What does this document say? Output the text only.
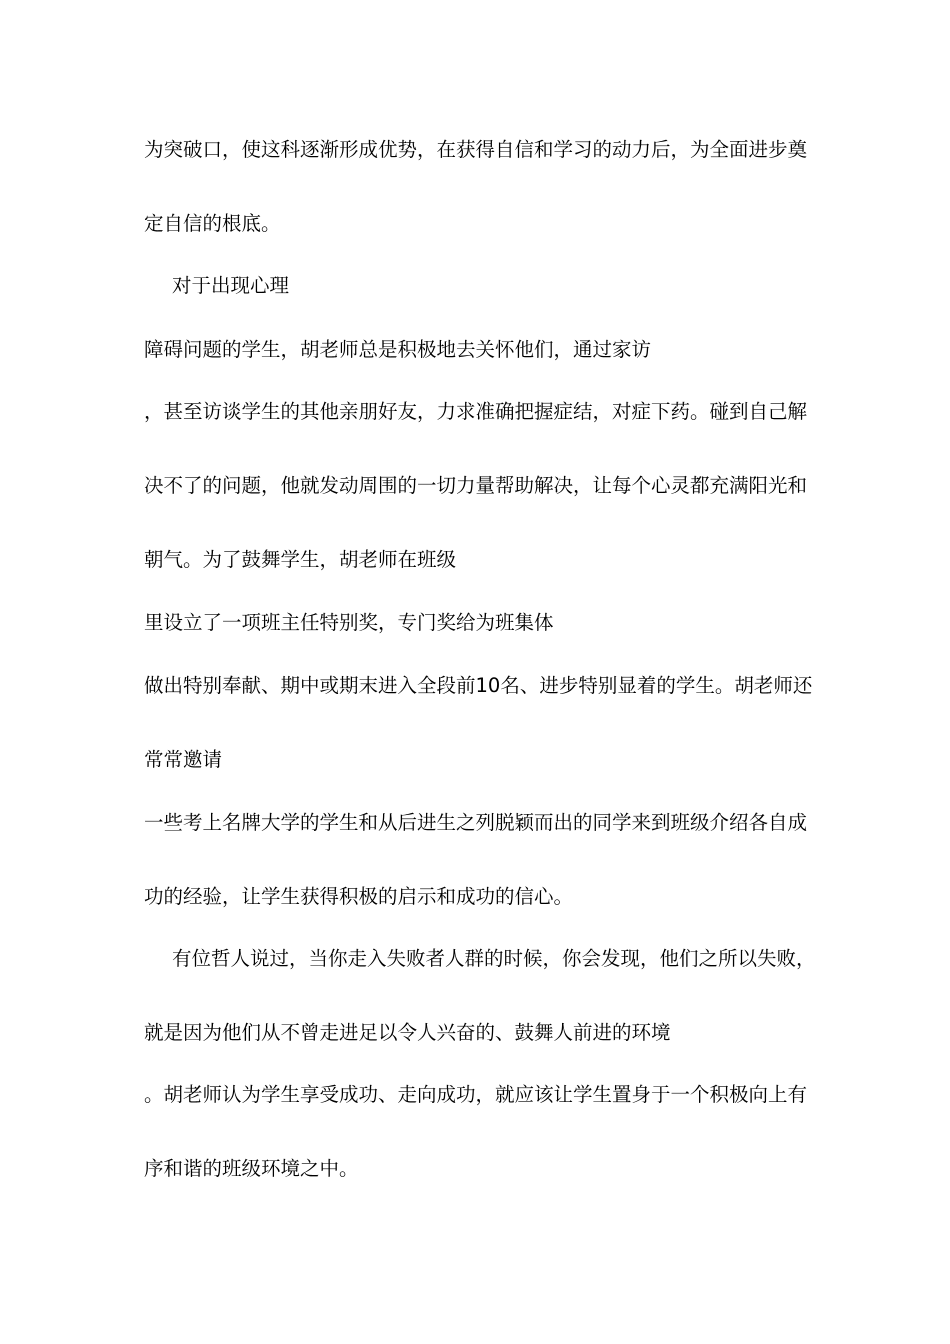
为突破口，使这科逐渐形成优势，在获得自信和学习的动力后，为全面进步奠
定自信的根底。
对于出现心理
障碍问题的学生，胡老师总是积极地去关怀他们，通过家访
，甚至访谈学生的其他亲朋好友，力求准确把握症结，对症下药。碰到自己解
决不了的问题，他就发动周围的一切力量帮助解决，让每个心灵都充满阳光和
朝气。为了鼓舞学生，胡老师在班级
里设立了一项班主任特别奖，专门奖给为班集体
做出特别奉献、期中或期末进入全段前10名、进步特别显着的学生。胡老师还
常常邀请
一些考上名牌大学的学生和从后进生之列脱颖而出的同学来到班级介绍各自成
功的经验，让学生获得积极的启示和成功的信心。
有位哲人说过，当你走入失败者人群的时候，你会发现，他们之所以失败，
就是因为他们从不曾走进足以令人兴奋的、鼓舞人前进的环境
。胡老师认为学生享受成功、走向成功，就应该让学生置身于一个积极向上有
序和谐的班级环境之中。
